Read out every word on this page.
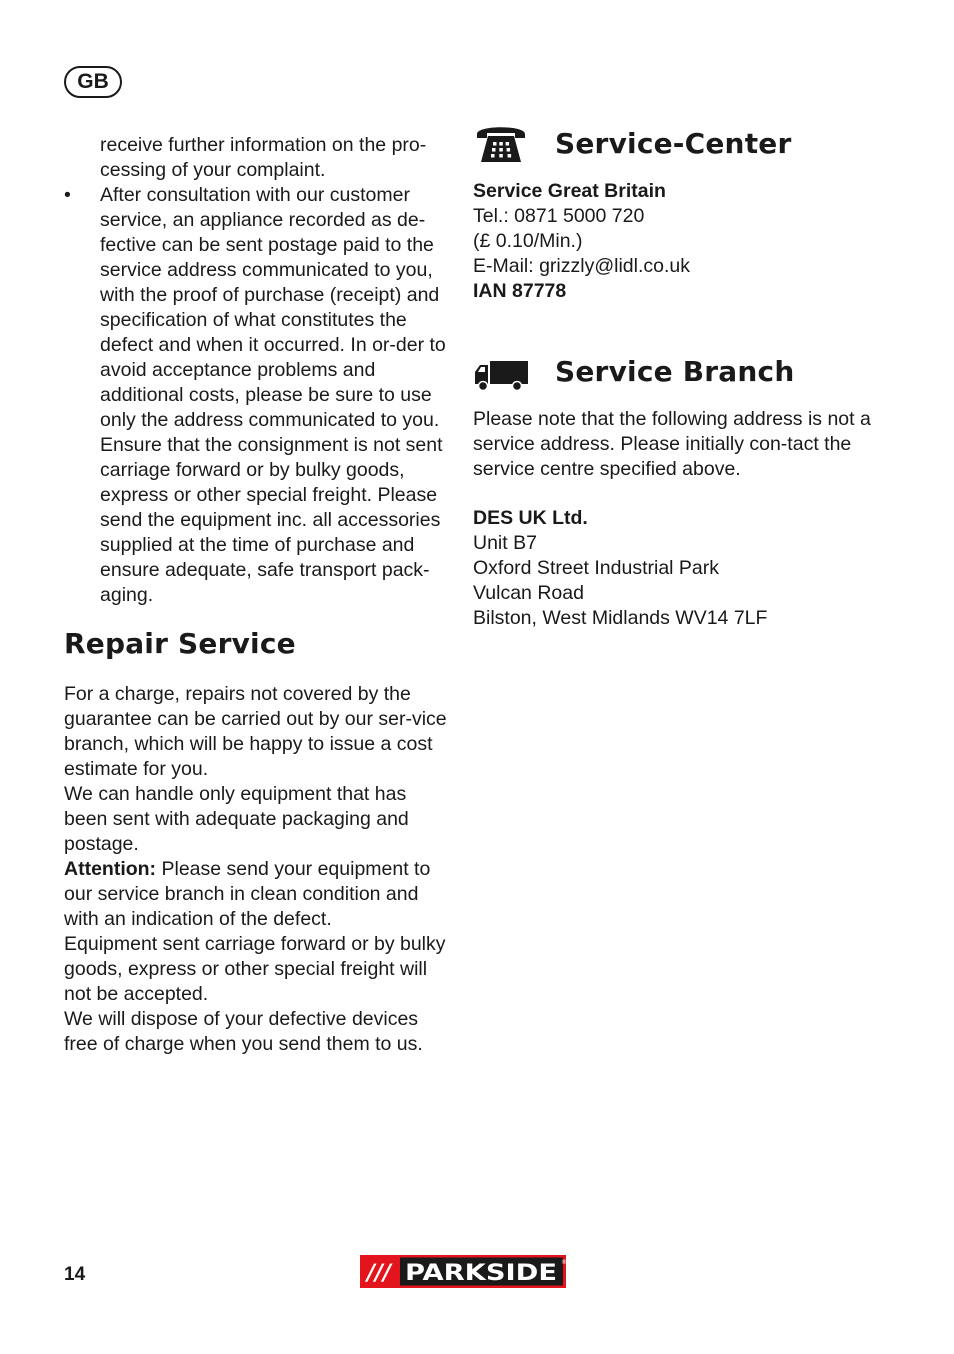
GB

receive further information on the pro-cessing of your complaint.

•	After consultation with our customer service, an appliance recorded as de-fective can be sent postage paid to the service address communicated to you, with the proof of purchase (receipt) and specification of what constitutes the defect and when it occurred. In or-der to avoid acceptance problems and additional costs, please be sure to use only the address communicated to you. Ensure that the consignment is not sent carriage forward or by bulky goods, express or other special freight. Please send the equipment inc. all accessories supplied at the time of purchase and ensure adequate, safe transport pack-aging.
Repair Service

For a charge, repairs not covered by the guarantee can be carried out by our ser-vice branch, which will be happy to issue a cost estimate for you.

We can handle only equipment that has been sent with adequate packaging and postage.

Attention: Please send your equipment to our service branch in clean condition and with an indication of the defect.

Equipment sent carriage forward or by bulky goods, express or other special freight will not be accepted.

We will dispose of your defective devices free of charge when you send them to us.

Service-Center

Service Great Britain

Tel.: 0871 5000 720

(£ 0.10/Min.)

E-Mail: grizzly@lidl.co.uk

IAN 87778

Service Branch

Please note that the following address is not a service address. Please initially con-tact the service centre specified above.

DES UK Ltd.

Unit B7

Oxford Street Industrial Park

Vulcan Road

Bilston, West Midlands WV14 7LF

14	/// PARKSIDE ®
